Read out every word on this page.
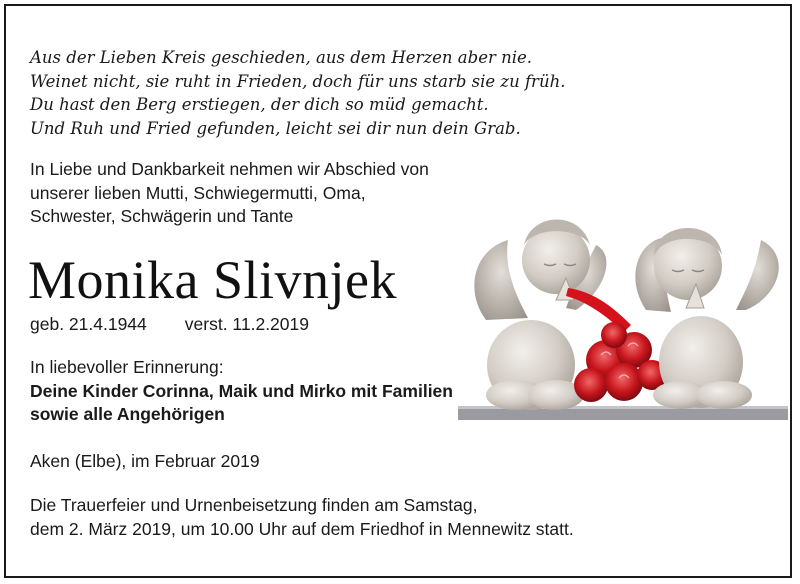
Aus der Lieben Kreis geschieden, aus dem Herzen aber nie.
Weinet nicht, sie ruht in Frieden, doch für uns starb sie zu früh.
Du hast den Berg erstiegen, der dich so müd gemacht.
Und Ruh und Fried gefunden, leicht sei dir nun dein Grab.
In Liebe und Dankbarkeit nehmen wir Abschied von
unserer lieben Mutti, Schwiegermutti, Oma,
Schwester, Schwägerin und Tante
Monika Slivnjek
geb. 21.4.1944 verst. 11.2.2019
In liebevoller Erinnerung:
Deine Kinder Corinna, Maik und Mirko mit Familien
sowie alle Angehörigen
Aken (Elbe), im Februar 2019
Die Trauerfeier und Urnenbeisetzung finden am Samstag,
dem 2. März 2019, um 10.00 Uhr auf dem Friedhof in Mennewitz statt.
